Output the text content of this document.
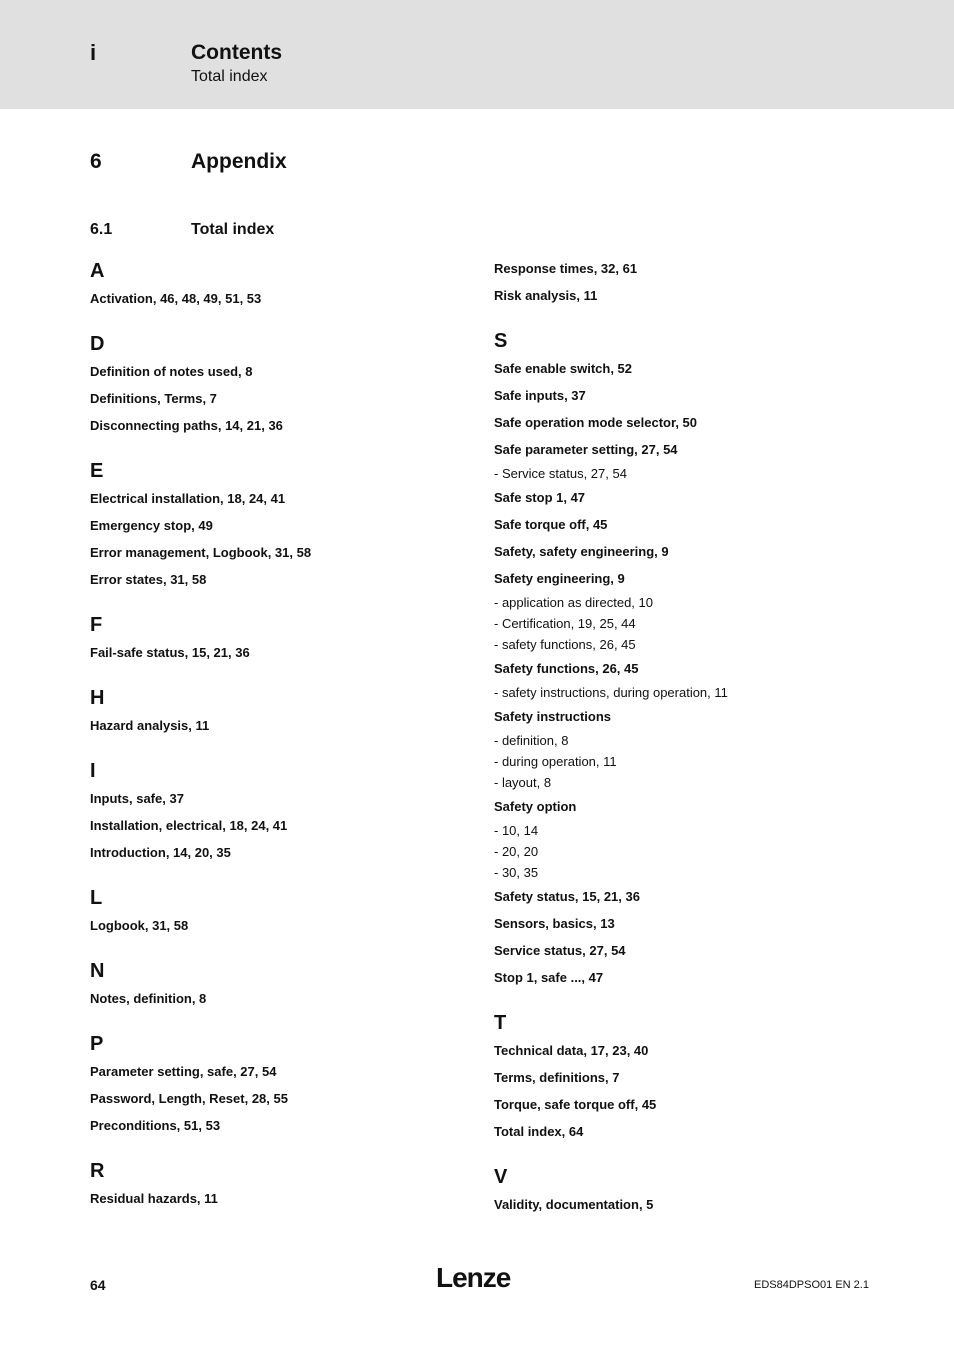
i	Contents
Total index
6	Appendix
6.1	Total index
A
Activation, 46, 48, 49, 51, 53
D
Definition of notes used, 8
Definitions, Terms, 7
Disconnecting paths, 14, 21, 36
E
Electrical installation, 18, 24, 41
Emergency stop, 49
Error management, Logbook, 31, 58
Error states, 31, 58
F
Fail-safe status, 15, 21, 36
H
Hazard analysis, 11
I
Inputs, safe, 37
Installation, electrical, 18, 24, 41
Introduction, 14, 20, 35
L
Logbook, 31, 58
N
Notes, definition, 8
P
Parameter setting, safe, 27, 54
Password, Length, Reset, 28, 55
Preconditions, 51, 53
R
Residual hazards, 11
Response times, 32, 61
Risk analysis, 11
S
Safe enable switch, 52
Safe inputs, 37
Safe operation mode selector, 50
Safe parameter setting, 27, 54
- Service status, 27, 54
Safe stop 1, 47
Safe torque off, 45
Safety, safety engineering, 9
Safety engineering, 9
- application as directed, 10
- Certification, 19, 25, 44
- safety functions, 26, 45
Safety functions, 26, 45
- safety instructions, during operation, 11
Safety instructions
- definition, 8
- during operation, 11
- layout, 8
Safety option
- 10, 14
- 20, 20
- 30, 35
Safety status, 15, 21, 36
Sensors, basics, 13
Service status, 27, 54
Stop 1, safe ..., 47
T
Technical data, 17, 23, 40
Terms, definitions, 7
Torque, safe torque off, 45
Total index, 64
V
Validity, documentation, 5
64	Lenze	EDS84DPSO01 EN 2.1
